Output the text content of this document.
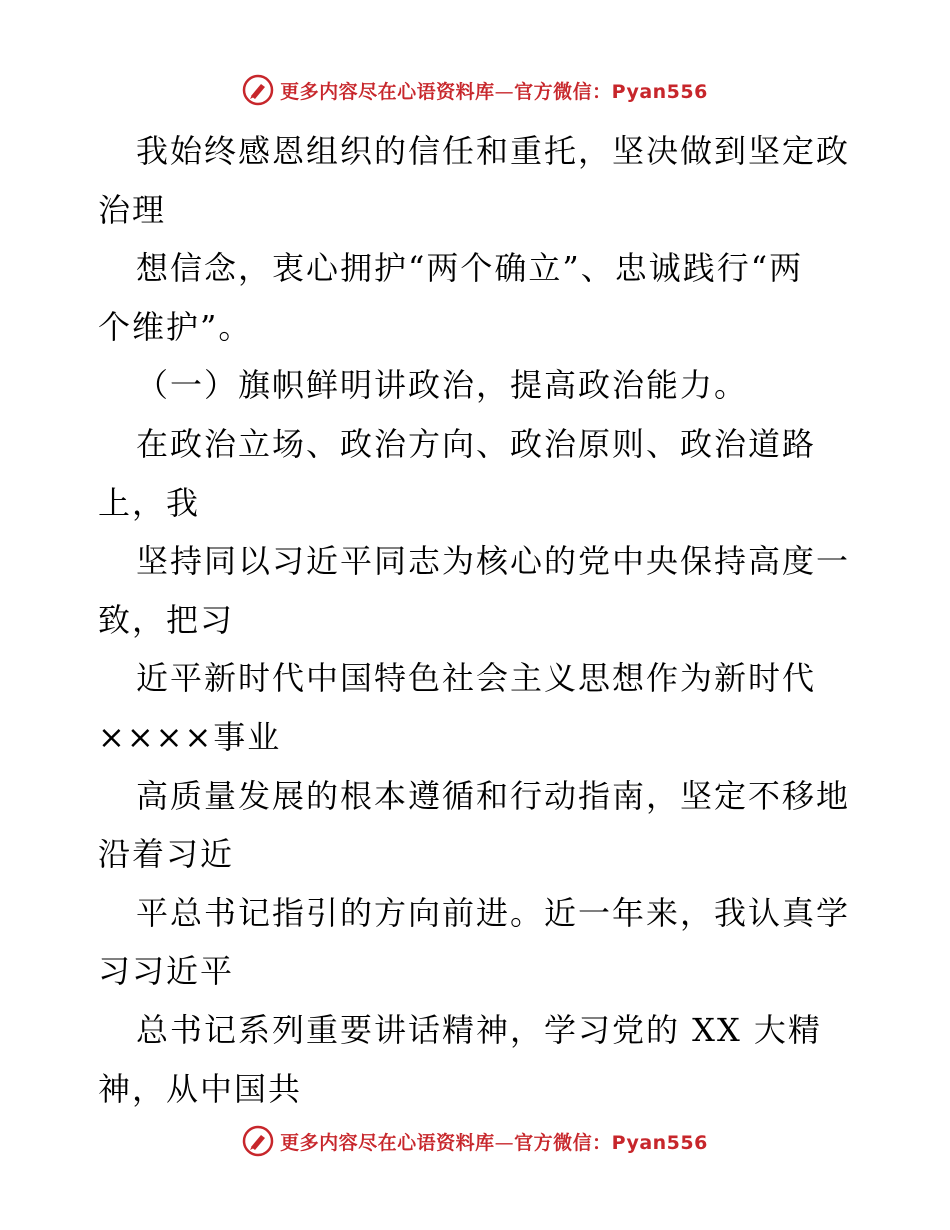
更多内容尽在心语资料库—官方微信：Pyan556
我始终感恩组织的信任和重托，坚决做到坚定政
治理
想信念，衷心拥护“两个确立”、忠诚践行“两
个维护”。
（一）旗帜鲜明讲政治，提高政治能力。
在政治立场、政治方向、政治原则、政治道路
上，我
坚持同以习近平同志为核心的党中央保持高度一
致，把习
近平新时代中国特色社会主义思想作为新时代
××××事业
高质量发展的根本遵循和行动指南，坚定不移地
沿着习近
平总书记指引的方向前进。近一年来，我认真学
习习近平
总书记系列重要讲话精神，学习党的 XX 大精
神，从中国共
更多内容尽在心语资料库—官方微信：Pyan556
